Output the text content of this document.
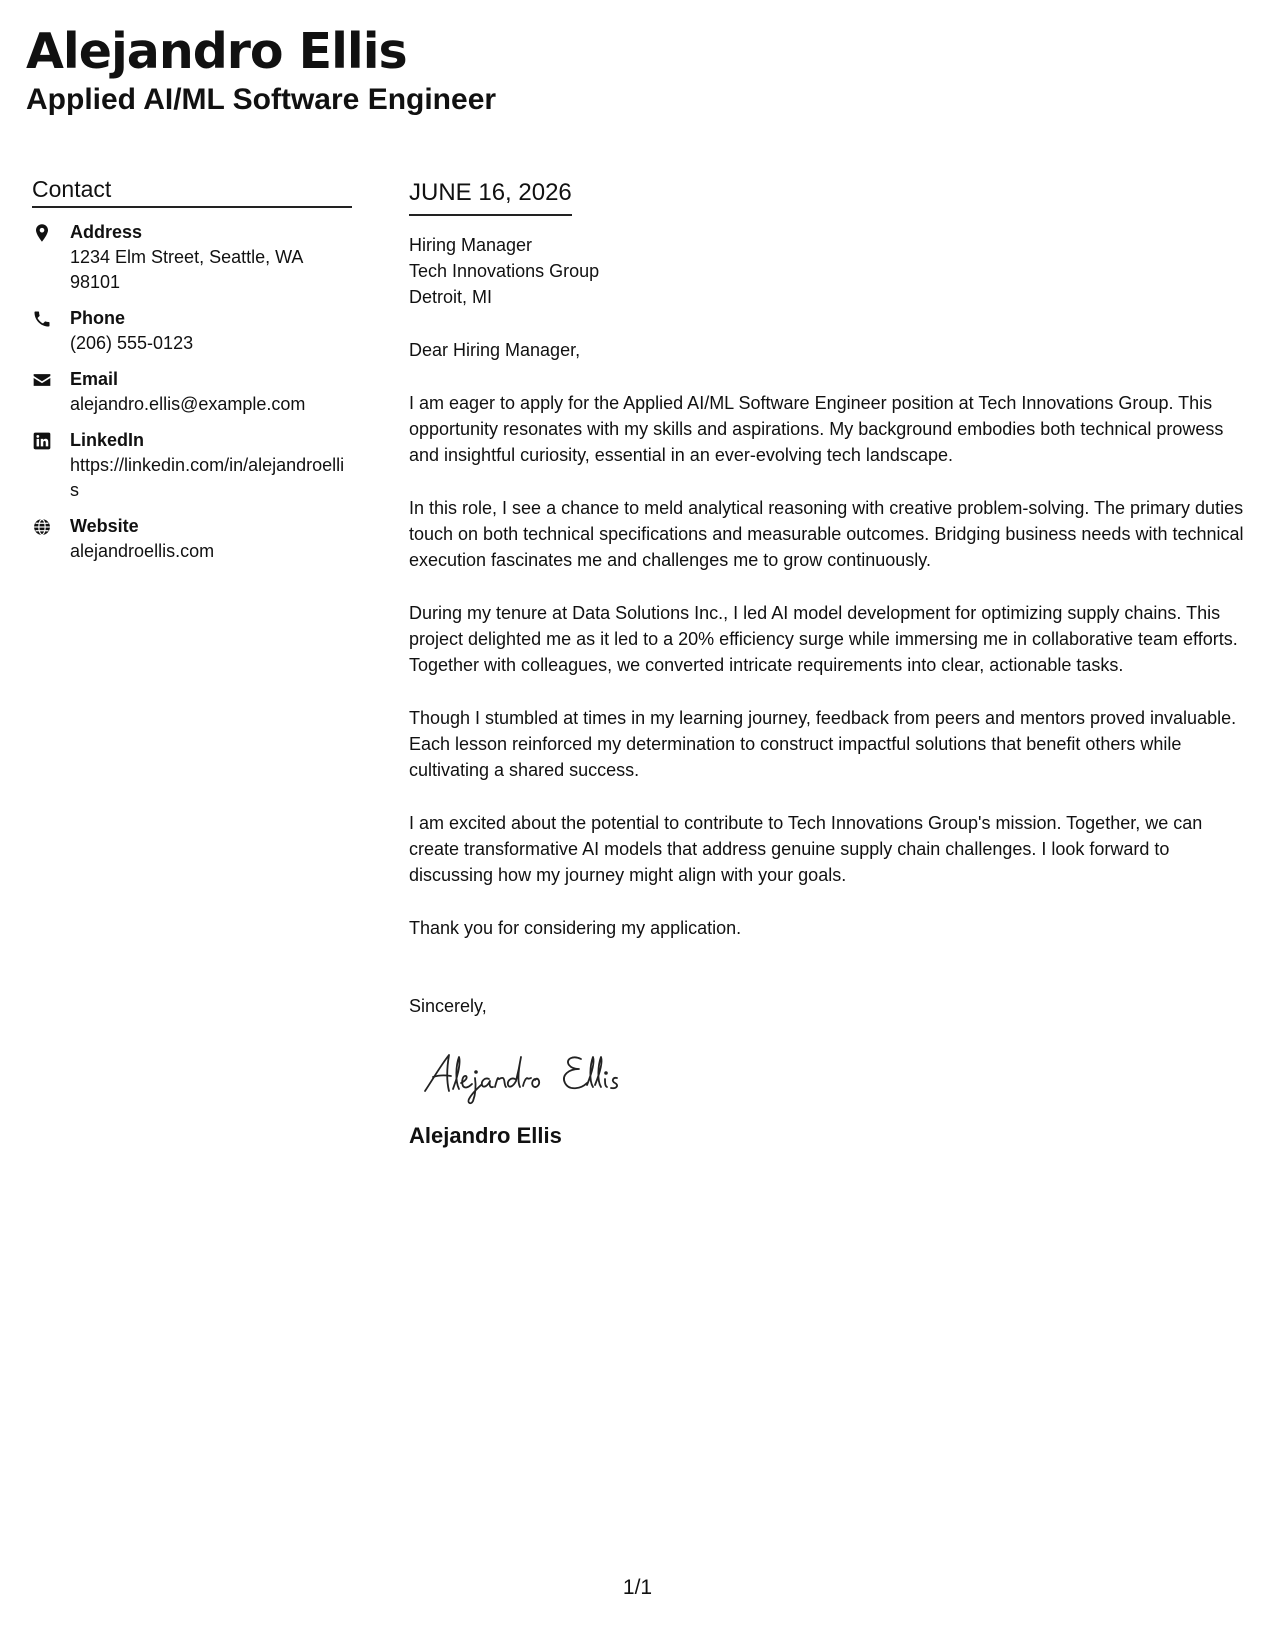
Alejandro Ellis
Applied AI/ML Software Engineer
Contact
Address
1234 Elm Street, Seattle, WA 98101
Phone
(206) 555-0123
Email
alejandro.ellis@example.com
LinkedIn
https://linkedin.com/in/alejandroellis
Website
alejandroellis.com
JUNE 16, 2026
Hiring Manager
Tech Innovations Group
Detroit, MI
Dear Hiring Manager,

I am eager to apply for the Applied AI/ML Software Engineer position at Tech Innovations Group. This opportunity resonates with my skills and aspirations. My background embodies both technical prowess and insightful curiosity, essential in an ever-evolving tech landscape.

In this role, I see a chance to meld analytical reasoning with creative problem-solving. The primary duties touch on both technical specifications and measurable outcomes. Bridging business needs with technical execution fascinates me and challenges me to grow continuously.

During my tenure at Data Solutions Inc., I led AI model development for optimizing supply chains. This project delighted me as it led to a 20% efficiency surge while immersing me in collaborative team efforts. Together with colleagues, we converted intricate requirements into clear, actionable tasks.

Though I stumbled at times in my learning journey, feedback from peers and mentors proved invaluable. Each lesson reinforced my determination to construct impactful solutions that benefit others while cultivating a shared success.

I am excited about the potential to contribute to Tech Innovations Group's mission. Together, we can create transformative AI models that address genuine supply chain challenges. I look forward to discussing how my journey might align with your goals.

Thank you for considering my application.

Sincerely,
Alejandro Ellis
1/1
